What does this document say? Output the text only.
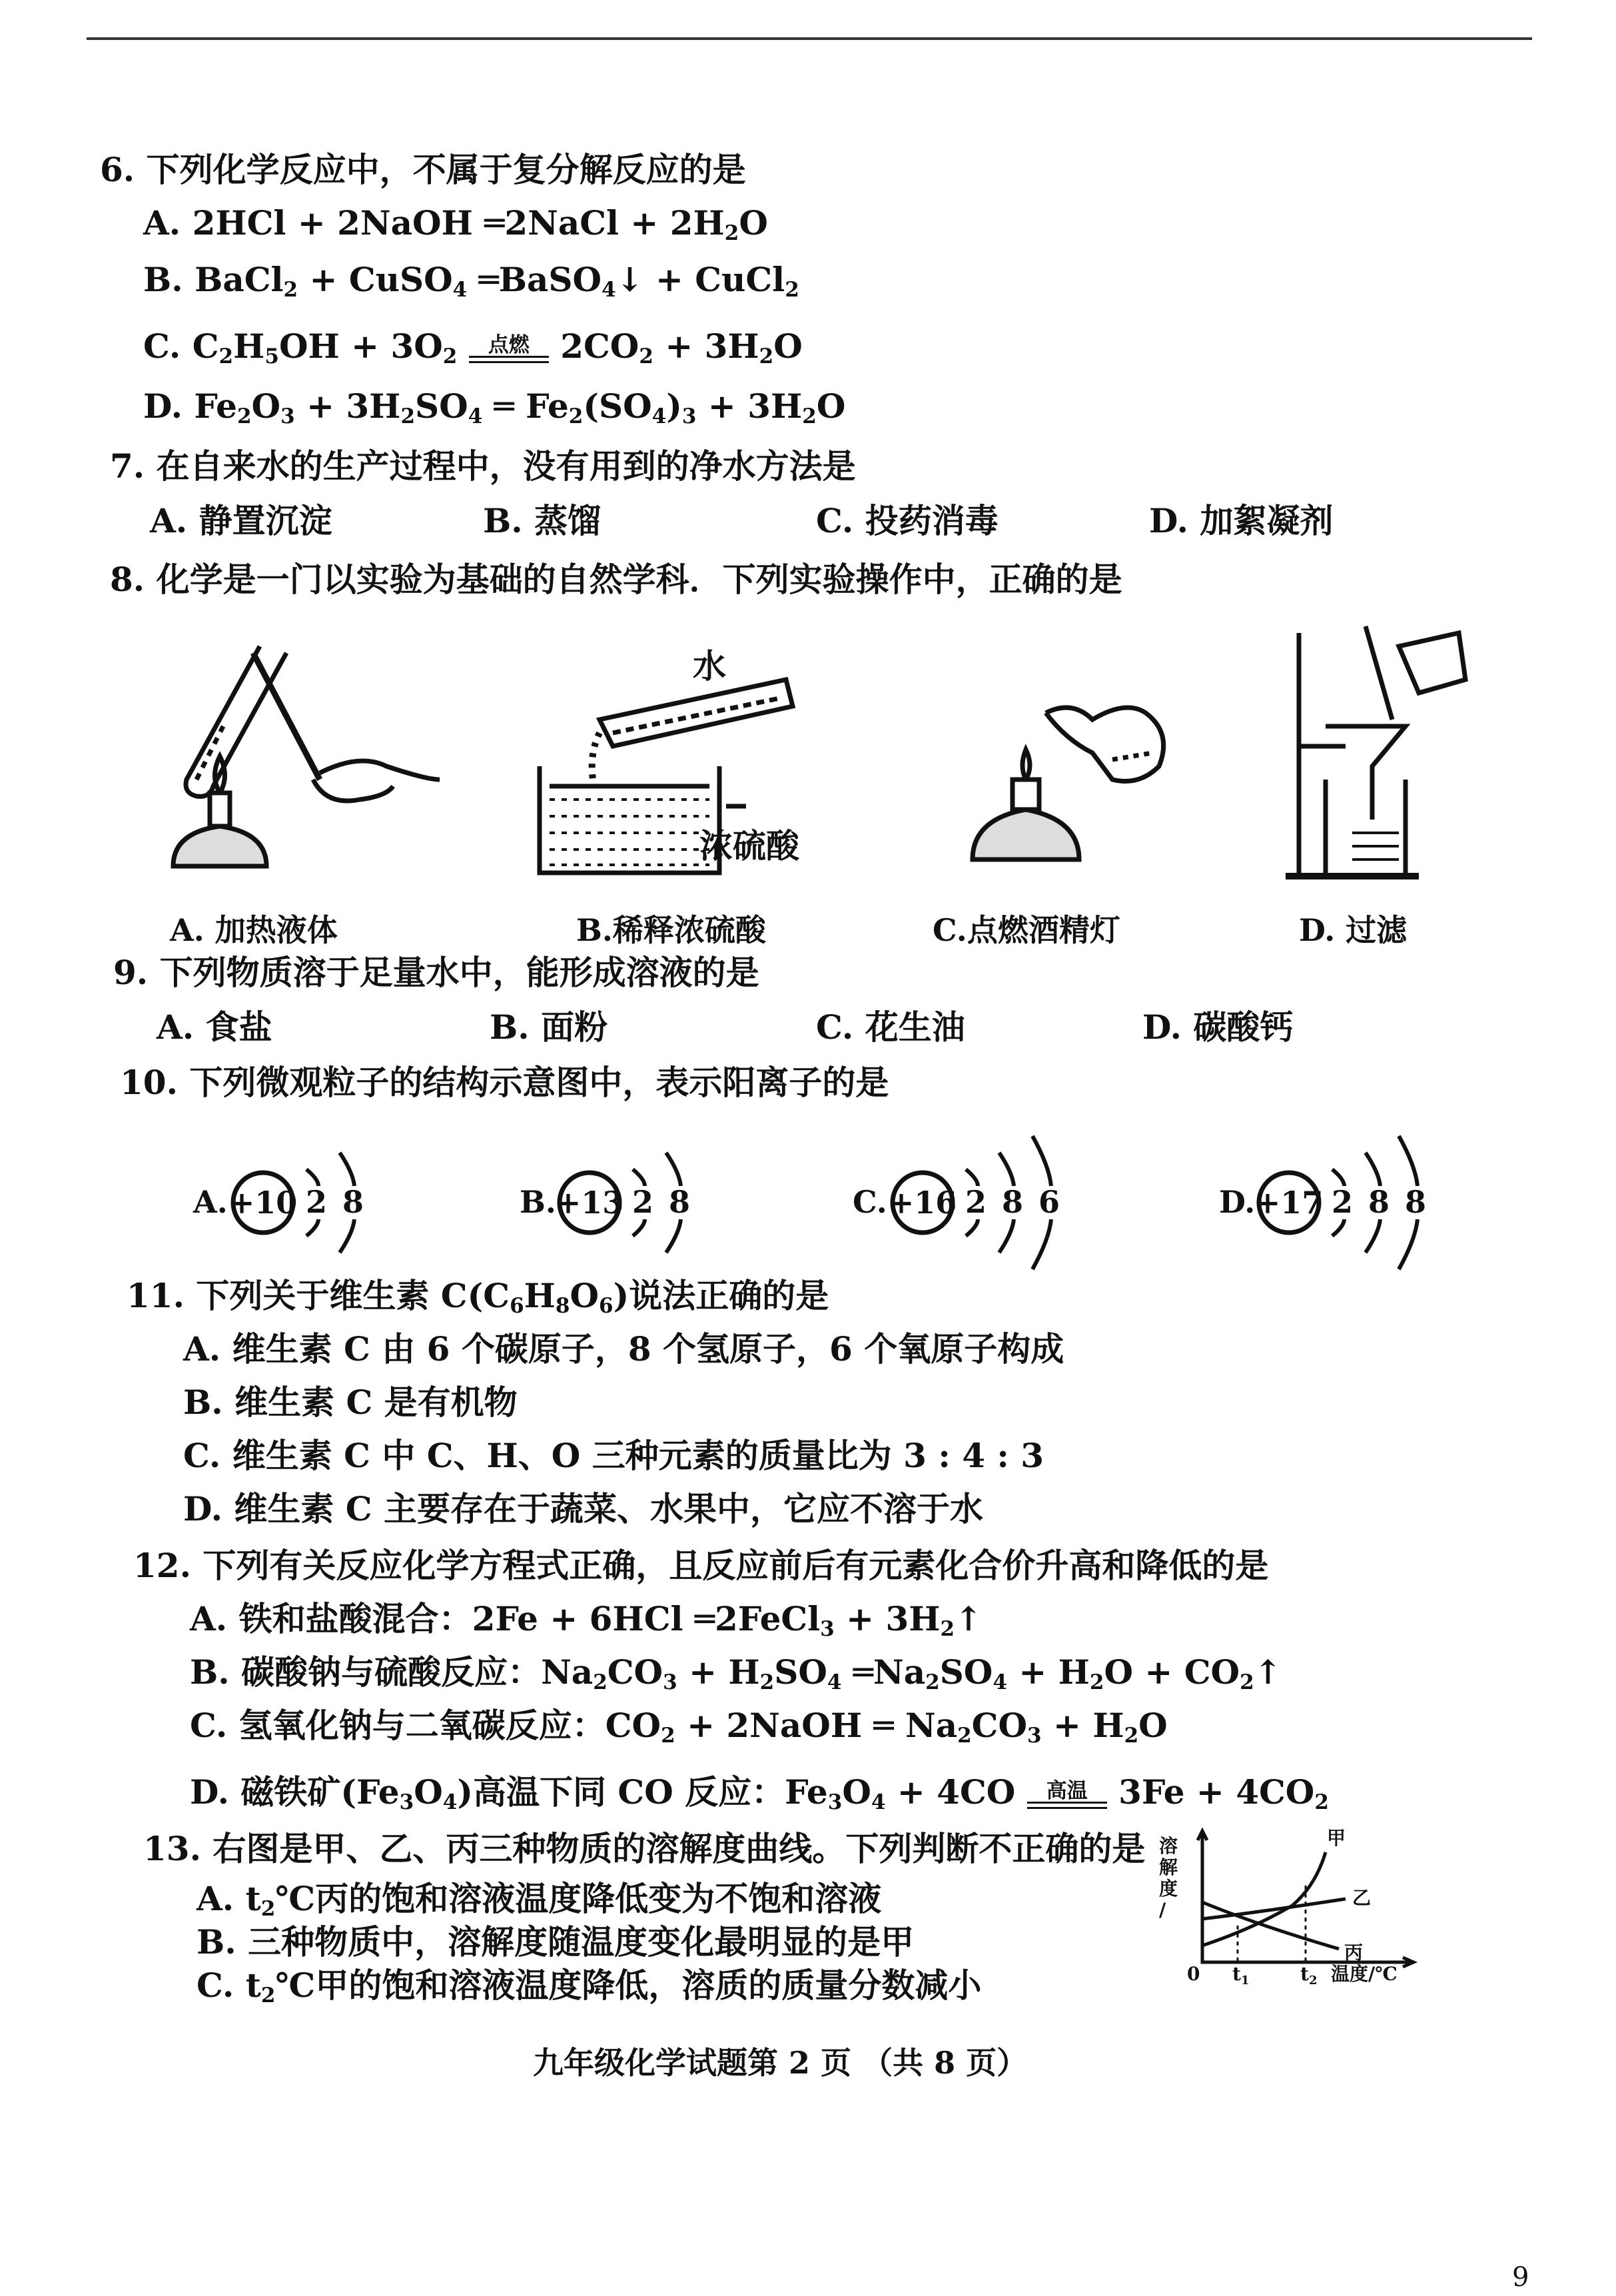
6. 下列化学反应中，不属于复分解反应的是
A. 2HCl + 2NaOH ═2NaCl + $2H_2O$
B. BaCl$_2$ + CuSO$_4$ ═BaSO$_4$↓ + CuCl$_2$
C. $C_2H_5OH + 3O_2$	点燃 $2CO_2 + 3H_2O$
D. $Fe_2O_3 + 3H_2SO_4$ ═ $Fe_2(SO_4)_3 + 3H_2O$
7. 在自来水的生产过程中，没有用到的净水方法是
A. 静置沉淀	B. 蒸馏	C. 投药消毒	D. 加絮凝剂
8. 化学是一门以实验为基础的自然学科．下列实验操作中，正确的是
水
浓硫酸
A. 加热液体	B.稀释浓硫酸	C.点燃酒精灯	D. 过滤
9. 下列物质溶于足量水中，能形成溶液的是
A. 食盐	B. 面粉	C. 花生油	D. 碳酸钙
10. 下列微观粒子的结构示意图中，表示阳离子的是
A. +10 2 8	B.
+13 2 8	C. +16 2 8 6	D. +17 2 8 8
11. 下列关于维生素 $C(C_6H_8O_6)$说法正确的是
A. 维生素 C 由 6 个碳原子，8 个氢原子，6 个氧原子构成
B. 维生素 C 是有机物
C. 维生素 C 中 C、H、O 三种元素的质量比为 3 : 4 : 3
D. 维生素 C 主要存在于蔬菜、水果中，它应不溶于水
12. 下列有关反应化学方程式正确，且反应前后有元素化合价升高和降低的是
A. 铁和盐酸混合：2Fe + 6HCl ═2FeCl$_3$ + $3H_2↑$
B. 碳酸钠与硫酸反应：$Na_2CO_3 + H_2SO_4$ $═Na_2SO_4 + H_2O$ + $CO_2↑$
C. 氢氧化钠与二氧碳反应：$CO_2$ + 2NaOH ═ $Na_2CO_3 + H_2O$
D. 磁铁矿$(Fe_3O_4)$高温下同 CO 反应：$Fe_3O_4 + 4CO$ 高温 $3Fe + 4CO_2$
13. 右图是甲、乙、丙三种物质的溶解度曲线。下列判断不正确的是
A. $t_2℃$丙的饱和溶液温度降低变为不饱和溶液
B. 三种物质中，溶解度随温度变化最明显的是甲
C. $t_2℃$甲的饱和溶液温度降低，溶质的质量分数减小
溶
解
度
/
0 $t_1$	$t_2$ 温度/℃
甲
乙
丙
九年级化学试题第 2 页 （共 8 页）
9
